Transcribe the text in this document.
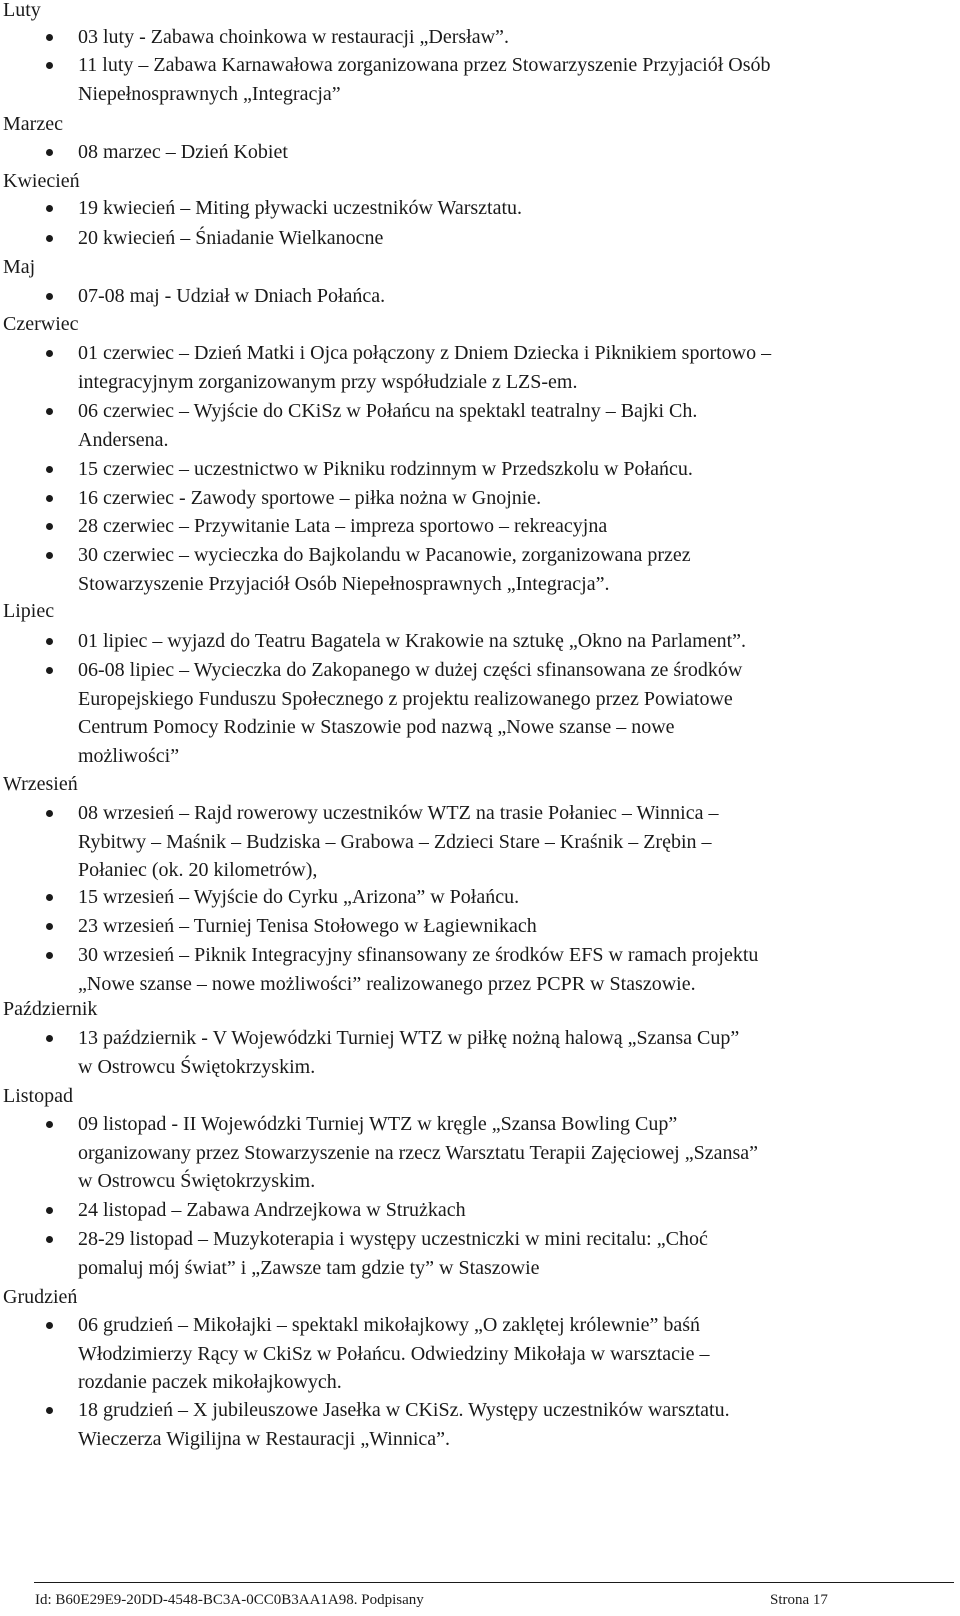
Luty
03 luty - Zabawa choinkowa w restauracji „Dersław”.
11 luty – Zabawa Karnawałowa zorganizowana przez Stowarzyszenie Przyjaciół Osób
Niepełnosprawnych „Integracja”
Marzec
08 marzec – Dzień Kobiet
Kwiecień
19 kwiecień – Miting pływacki uczestników Warsztatu.
20 kwiecień – Śniadanie Wielkanocne
Maj
07-08 maj - Udział w Dniach Połańca.
Czerwiec
01 czerwiec – Dzień Matki i Ojca połączony z Dniem Dziecka i Piknikiem sportowo –
integracyjnym zorganizowanym przy współudziale z LZS-em.
06 czerwiec – Wyjście do CKiSz w Połańcu na spektakl teatralny – Bajki Ch.
Andersena.
15 czerwiec – uczestnictwo w Pikniku rodzinnym w Przedszkolu w Połańcu.
16 czerwiec - Zawody sportowe – piłka nożna w Gnojnie.
28 czerwiec – Przywitanie Lata – impreza sportowo – rekreacyjna
30 czerwiec – wycieczka do Bajkolandu w Pacanowie, zorganizowana przez
Stowarzyszenie Przyjaciół Osób Niepełnosprawnych „Integracja”.
Lipiec
01 lipiec – wyjazd do Teatru Bagatela w Krakowie na sztukę „Okno na Parlament”.
06-08 lipiec – Wycieczka do Zakopanego w dużej części sfinansowana ze środków
Europejskiego Funduszu Społecznego z projektu realizowanego przez Powiatowe
Centrum Pomocy Rodzinie w Staszowie pod nazwą „Nowe szanse – nowe
możliwości”
Wrzesień
08 wrzesień – Rajd rowerowy uczestników WTZ na trasie Połaniec – Winnica –
Rybitwy – Maśnik – Budziska – Grabowa – Zdzieci Stare – Kraśnik – Zrębin –
Połaniec (ok. 20 kilometrów),
15 wrzesień – Wyjście do Cyrku „Arizona” w Połańcu.
23 wrzesień – Turniej Tenisa Stołowego w Łagiewnikach
30 wrzesień – Piknik Integracyjny sfinansowany ze środków EFS w ramach projektu
„Nowe szanse – nowe możliwości” realizowanego przez PCPR w Staszowie.
Październik
13 październik - V Wojewódzki Turniej WTZ w piłkę nożną halową „Szansa Cup”
w Ostrowcu Świętokrzyskim.
Listopad
09 listopad - II Wojewódzki Turniej WTZ w kręgle „Szansa Bowling Cup”
organizowany przez Stowarzyszenie na rzecz Warsztatu Terapii Zajęciowej „Szansa”
w Ostrowcu Świętokrzyskim.
24 listopad – Zabawa Andrzejkowa w Strużkach
28-29 listopad – Muzykoterapia i występy uczestniczki w mini recitalu: „Choć
pomaluj mój świat” i „Zawsze tam gdzie ty” w Staszowie
Grudzień
06 grudzień – Mikołajki – spektakl mikołajkowy „O zaklętej królewnie” baśń
Włodzimierzy Rący w CkiSz w Połańcu. Odwiedziny Mikołaja w warsztacie –
rozdanie paczek mikołajkowych.
18 grudzień – X jubileuszowe Jasełka w CKiSz. Występy uczestników warsztatu.
Wieczerza Wigilijna w Restauracji „Winnica”.
Id: B60E29E9-20DD-4548-BC3A-0CC0B3AA1A98. Podpisany	Strona 17
